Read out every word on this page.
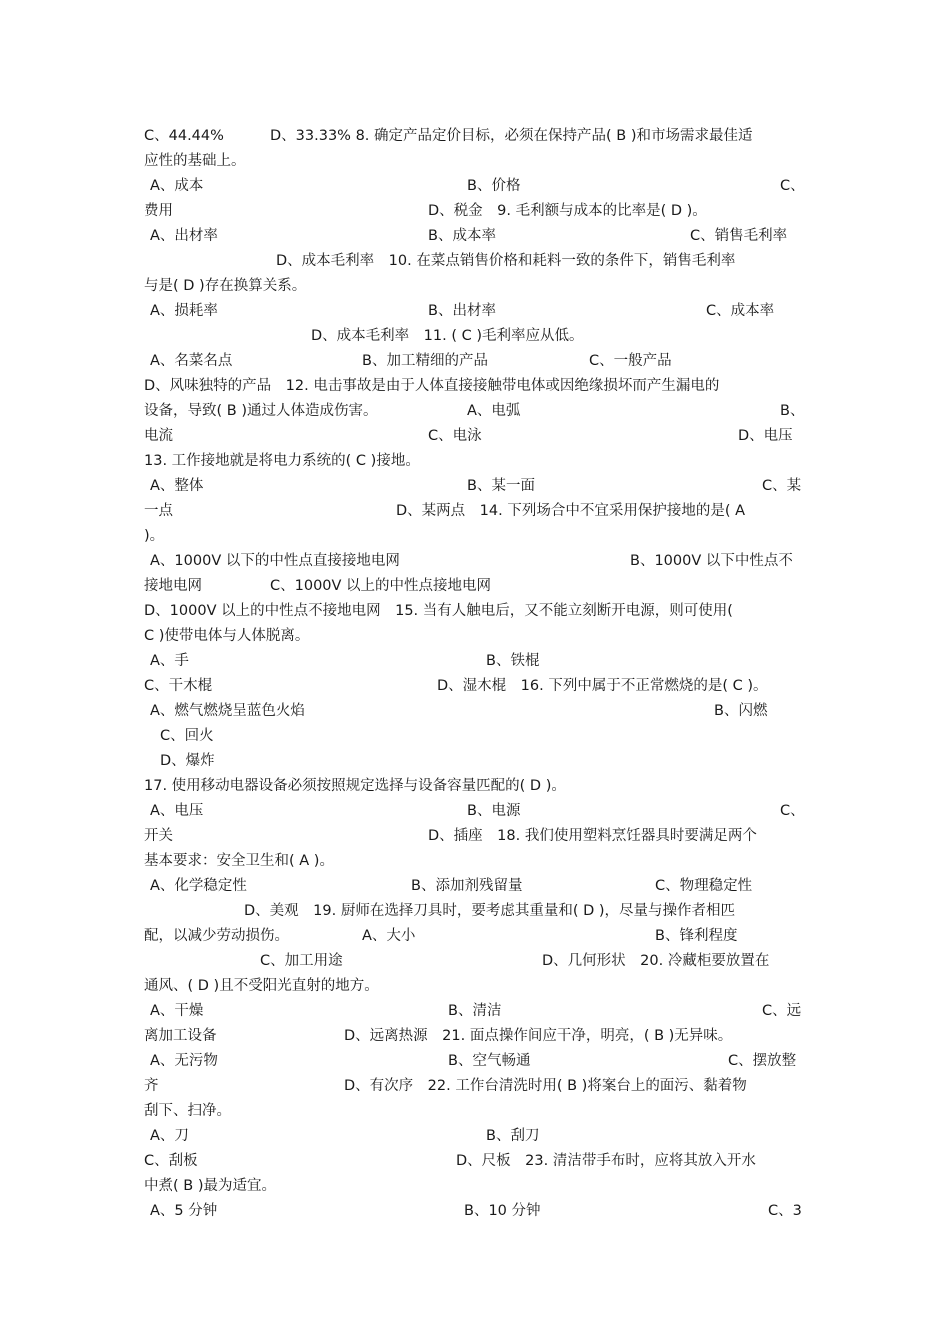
C、44.44%	D、33.33% 8. 确定产品定价目标，必须在保持产品( B )和市场需求最佳适
应性的基础上。
A、成本	B、价格	C、
费用	D、税金　9. 毛利额与成本的比率是( D )。
A、出材率	B、成本率	C、销售毛利率
D、成本毛利率　10. 在菜点销售价格和耗料一致的条件下，销售毛利率
与是( D )存在换算关系。
A、损耗率	B、出材率	C、成本率
D、成本毛利率　11. ( C )毛利率应从低。
A、名菜名点	B、加工精细的产品	C、一般产品
D、风味独特的产品　12. 电击事故是由于人体直接接触带电体或因绝缘损坏而产生漏电的
设备，导致( B )通过人体造成伤害。	A、电弧	B、
电流	C、电泳	D、电压
13. 工作接地就是将电力系统的( C )接地。
A、整体	B、某一面	C、某
一点	D、某两点　14. 下列场合中不宜采用保护接地的是( A
)。
A、1000V 以下的中性点直接接地电网	B、1000V 以下中性点不
接地电网	C、1000V 以上的中性点接地电网
D、1000V 以上的中性点不接地电网　15. 当有人触电后，又不能立刻断开电源，则可使用(
C )使带电体与人体脱离。
A、手	B、铁棍
C、干木棍	D、湿木棍　16. 下列中属于不正常燃烧的是( C )。
A、燃气燃烧呈蓝色火焰	B、闪燃
C、回火
D、爆炸
17. 使用移动电器设备必须按照规定选择与设备容量匹配的( D )。
A、电压	B、电源	C、
开关	D、插座　18. 我们使用塑料烹饪器具时要满足两个
基本要求：安全卫生和( A )。
A、化学稳定性	B、添加剂残留量	C、物理稳定性
D、美观　19. 厨师在选择刀具时，要考虑其重量和( D )，尽量与操作者相匹
配，以减少劳动损伤。	A、大小	B、锋利程度
C、加工用途	D、几何形状　20. 冷藏柜要放置在
通风、( D )且不受阳光直射的地方。
A、干燥	B、清洁	C、远
离加工设备	D、远离热源　21. 面点操作间应干净，明亮，( B )无异味。
A、无污物	B、空气畅通	C、摆放整
齐	D、有次序　22. 工作台清洗时用( B )将案台上的面污、黏着物
刮下、扫净。
A、刀	B、刮刀
C、刮板	D、尺板　23. 清洁带手布时，应将其放入开水
中煮( B )最为适宜。
A、5 分钟	B、10 分钟	C、3
